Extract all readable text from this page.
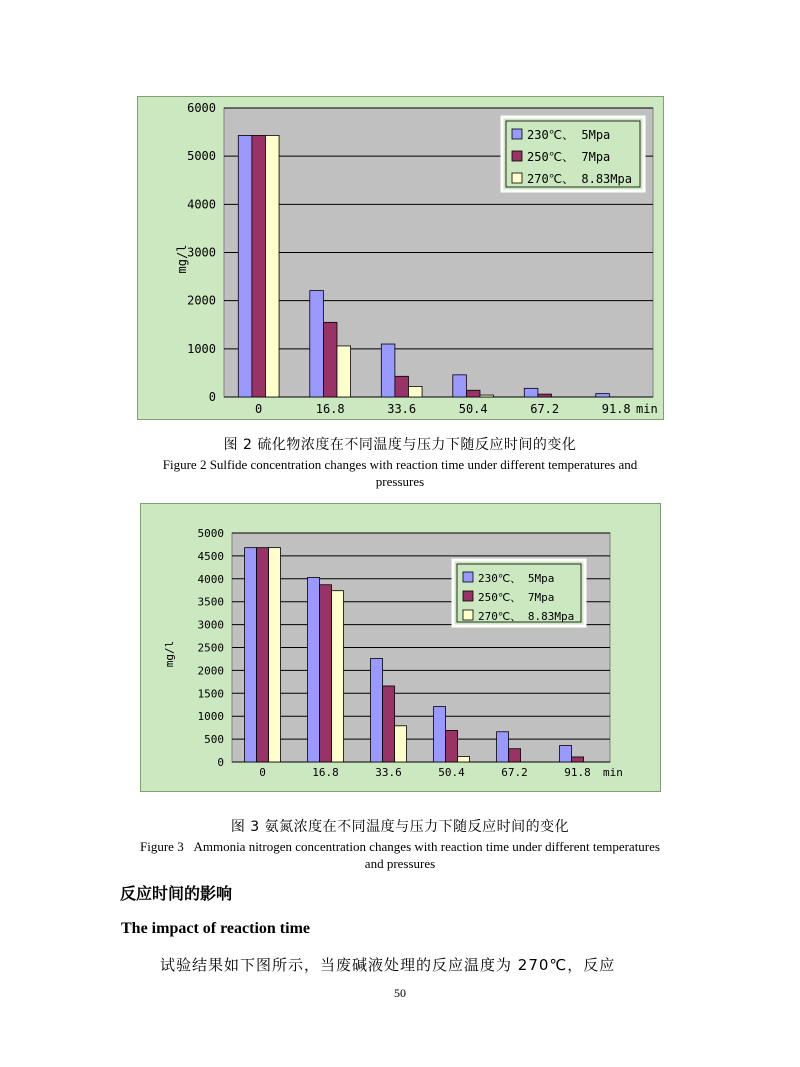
0
1000
2000
3000
4000
5000
6000
0	16.8	33.6	50.4	67.2	91.8 min
mg/l
230℃、 5Mpa
250℃、 7Mpa
270℃、 8.83Mpa
图 2 硫化物浓度在不同温度与压力下随反应时间的变化
Figure 2 Sulfide concentration changes with reaction time under different temperatures and pressures
0
500
1000
1500
2000
2500
3000
3500
4000
4500
5000
0	16.8	33.6	50.4	67.2	91.8 min
mg/l
230℃、 5Mpa
250℃、 7Mpa
270℃、 8.83Mpa
图 3 氨氮浓度在不同温度与压力下随反应时间的变化
Figure 3   Ammonia nitrogen concentration changes with reaction time under different temperatures and pressures
反应时间的影响
The impact of reaction time
试验结果如下图所示，当废碱液处理的反应温度为 270℃，反应
50
